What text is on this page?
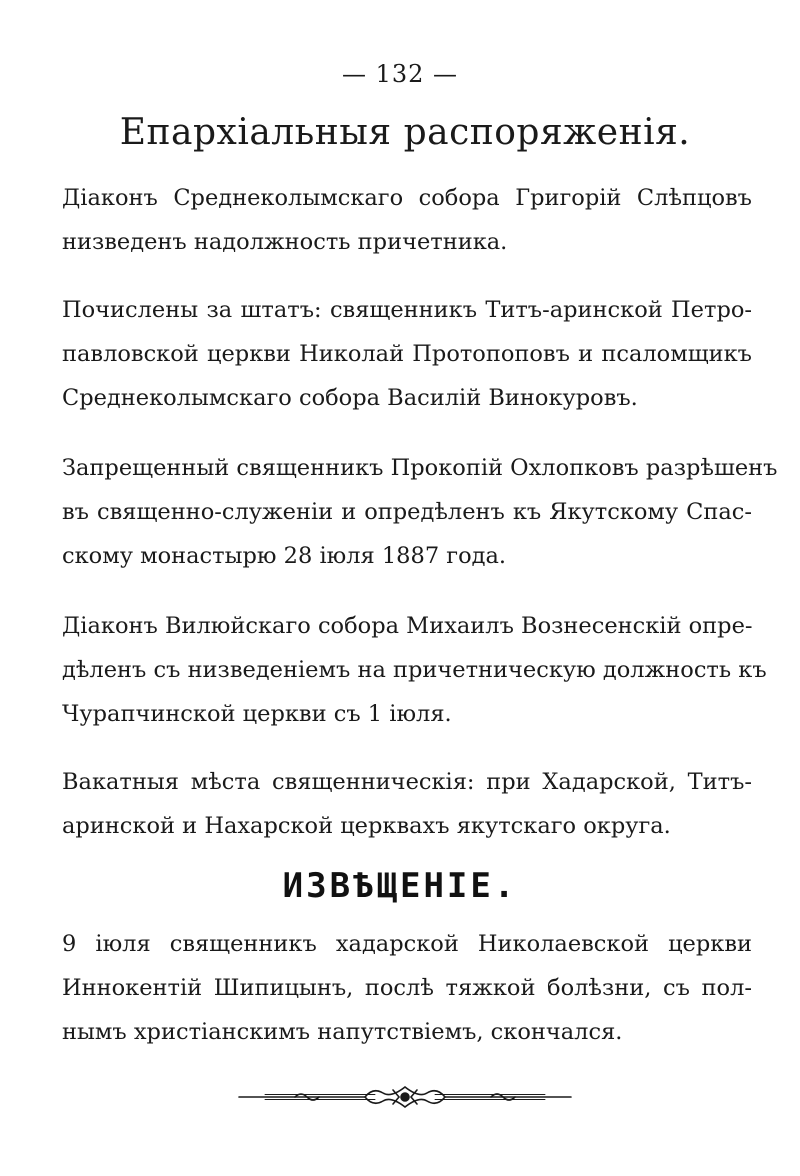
— 132 —
Епархіальныя распоряженія.

Діаконъ Среднеколымскаго собора Григорій Слѣпцовъ
низведенъ надолжность причетника.

Почислены за штатъ: священникъ Титъ-аринской Петро-
павловской церкви Николай Протопоповъ и псаломщикъ
Среднеколымскаго собора Василій Винокуровъ.

Запрещенный священникъ Прокопій Охлопковъ разрѣшенъ
въ священно-служеніи и опредѣленъ къ Якутскому Спас-
скому монастырю 28 іюля 1887 года.

Діаконъ Вилюйскаго собора Михаилъ Вознесенскій опре-
дѣленъ съ низведеніемъ на причетническую должность къ
Чурапчинской церкви съ 1 іюля.

Вакатныя мѣста священническія: при Хадарской, Титъ-
аринской и Нахарской церквахъ якутскаго округа.

ИЗВѢЩЕНІЕ.

9 іюля священникъ хадарской Николаевской церкви
Иннокентій Шипицынъ, послѣ тяжкой болѣзни, съ пол-
нымъ христіанскимъ напутствіемъ, скончался.
